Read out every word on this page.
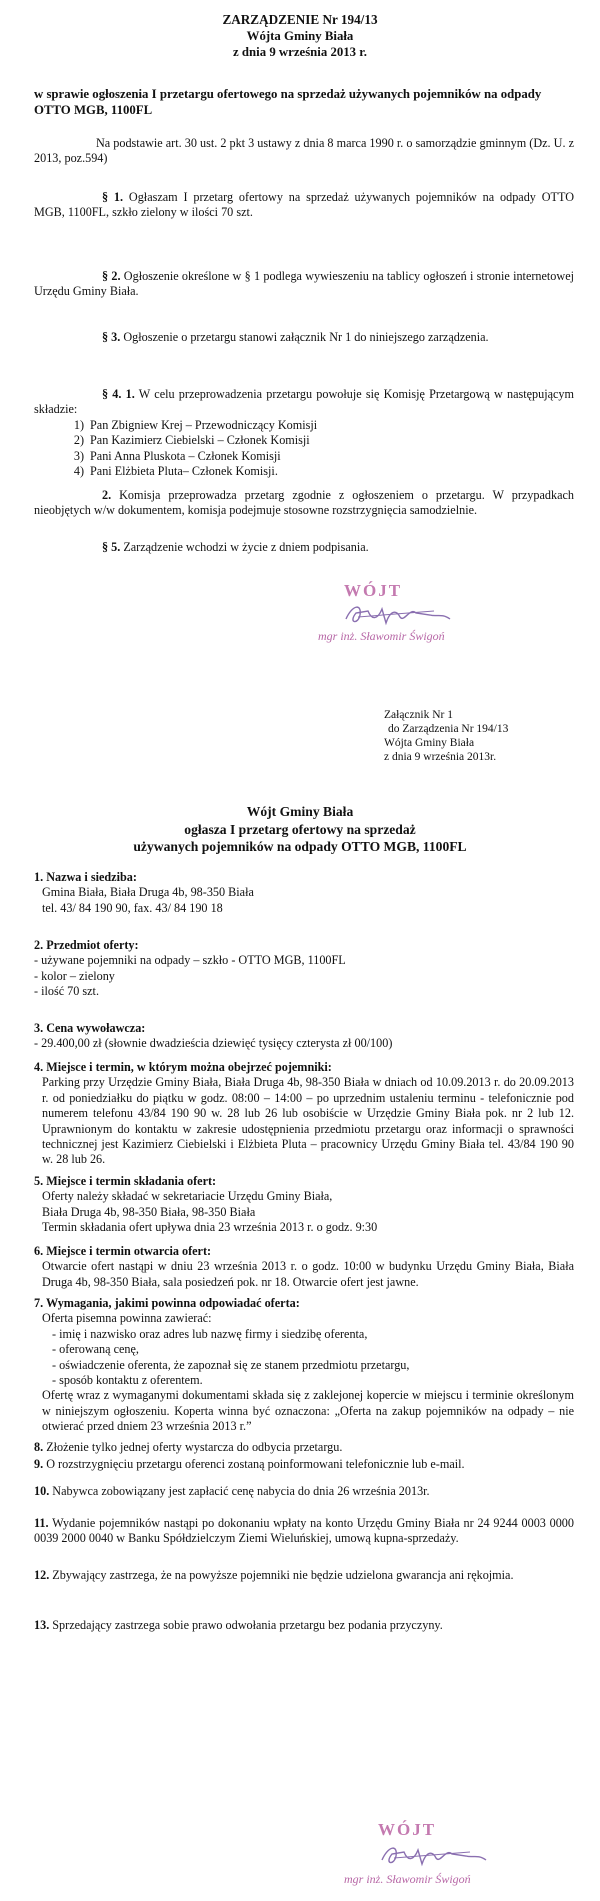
ZARZĄDZENIE Nr 194/13
Wójta Gminy Biała
z dnia 9 września 2013 r.
w sprawie ogłoszenia I przetargu ofertowego na sprzedaż używanych pojemników na odpady OTTO MGB, 1100FL

Na podstawie art. 30 ust. 2 pkt 3 ustawy z dnia 8 marca 1990 r. o samorządzie gminnym (Dz. U. z 2013, poz.594)

§ 1. Ogłaszam I przetarg ofertowy na sprzedaż używanych pojemników na odpady OTTO MGB, 1100FL, szkło zielony w ilości 70 szt.

§ 2. Ogłoszenie określone w § 1 podlega wywieszeniu na tablicy ogłoszeń i stronie internetowej Urzędu Gminy Biała.

§ 3. Ogłoszenie o przetargu stanowi załącznik Nr 1 do niniejszego zarządzenia.

§ 4. 1. W celu przeprowadzenia przetargu powołuje się Komisję Przetargową w następującym składzie:

1) Pan Zbigniew Krej – Przewodniczący Komisji
2) Pan Kazimierz Ciebielski – Członek Komisji
3) Pani Anna Pluskota – Członek Komisji
4) Pani Elżbieta Pluta– Członek Komisji.

2. Komisja przeprowadza przetarg zgodnie z ogłoszeniem o przetargu. W przypadkach nieobjętych w/w dokumentem, komisja podejmuje stosowne rozstrzygnięcia samodzielnie.

§ 5. Zarządzenie wchodzi w życie z dniem podpisania.

WÓJT
mgr inż. Sławomir Świgoń
Załącznik Nr 1
do Zarządzenia Nr 194/13
Wójta Gminy Biała
z dnia 9 września 2013r.
Wójt Gminy Biała
ogłasza I przetarg ofertowy na sprzedaż
używanych pojemników na odpady OTTO MGB, 1100FL
1. Nazwa i siedziba:
Gmina Biała, Biała Druga 4b, 98-350 Biała
tel. 43/ 84 190 90, fax. 43/ 84 190 18
2. Przedmiot oferty:
- używane pojemniki na odpady – szkło - OTTO MGB, 1100FL
- kolor – zielony
- ilość 70 szt.
3. Cena wywoławcza:
- 29.400,00 zł (słownie dwadzieścia dziewięć tysięcy czterysta zł 00/100)
4. Miejsce i termin, w którym można obejrzeć pojemniki:
Parking przy Urzędzie Gminy Biała, Biała Druga 4b, 98-350 Biała w dniach od 10.09.2013 r. do 20.09.2013 r. od poniedziałku do piątku w godz. 08:00 – 14:00 – po uprzednim ustaleniu terminu - telefonicznie pod numerem telefonu 43/84 190 90 w. 28 lub 26 lub osobiście w Urzędzie Gminy Biała pok. nr 2 lub 12. Uprawnionym do kontaktu w zakresie udostępnienia przedmiotu przetargu oraz informacji o sprawności technicznej jest Kazimierz Ciebielski i Elżbieta Pluta – pracownicy Urzędu Gminy Biała tel. 43/84 190 90 w. 28 lub 26.
5. Miejsce i termin składania ofert:
Oferty należy składać w sekretariacie Urzędu Gminy Biała,
Biała Druga 4b, 98-350 Biała, 98-350 Biała
Termin składania ofert upływa dnia 23 września 2013 r. o godz. 9:30
6. Miejsce i termin otwarcia ofert:
Otwarcie ofert nastąpi w dniu 23 września 2013 r. o godz. 10:00 w budynku Urzędu Gminy Biała, Biała Druga 4b, 98-350 Biała, sala posiedzeń pok. nr 18. Otwarcie ofert jest jawne.
7. Wymagania, jakimi powinna odpowiadać oferta:
Oferta pisemna powinna zawierać:
- imię i nazwisko oraz adres lub nazwę firmy i siedzibę oferenta,
- oferowaną cenę,
- oświadczenie oferenta, że zapoznał się ze stanem przedmiotu przetargu,
- sposób kontaktu z oferentem.
Ofertę wraz z wymaganymi dokumentami składa się z zaklejonej kopercie w miejscu i terminie określonym w niniejszym ogłoszeniu. Koperta winna być oznaczona: „Oferta na zakup pojemników na odpady – nie otwierać przed dniem 23 września 2013 r.”
8. Złożenie tylko jednej oferty wystarcza do odbycia przetargu.
9. O rozstrzygnięciu przetargu oferenci zostaną poinformowani telefonicznie lub e-mail.
10. Nabywca zobowiązany jest zapłacić cenę nabycia do dnia 26 września 2013r.
11. Wydanie pojemników nastąpi po dokonaniu wpłaty na konto Urzędu Gminy Biała nr 24 9244 0003 0000 0039 2000 0040 w Banku Spółdzielczym Ziemi Wieluńskiej, umową kupna-sprzedaży.
12. Zbywający zastrzega, że na powyższe pojemniki nie będzie udzielona gwarancja ani rękojmia.
13. Sprzedający zastrzega sobie prawo odwołania przetargu bez podania przyczyny.
WÓJT
mgr inż. Sławomir Świgoń
